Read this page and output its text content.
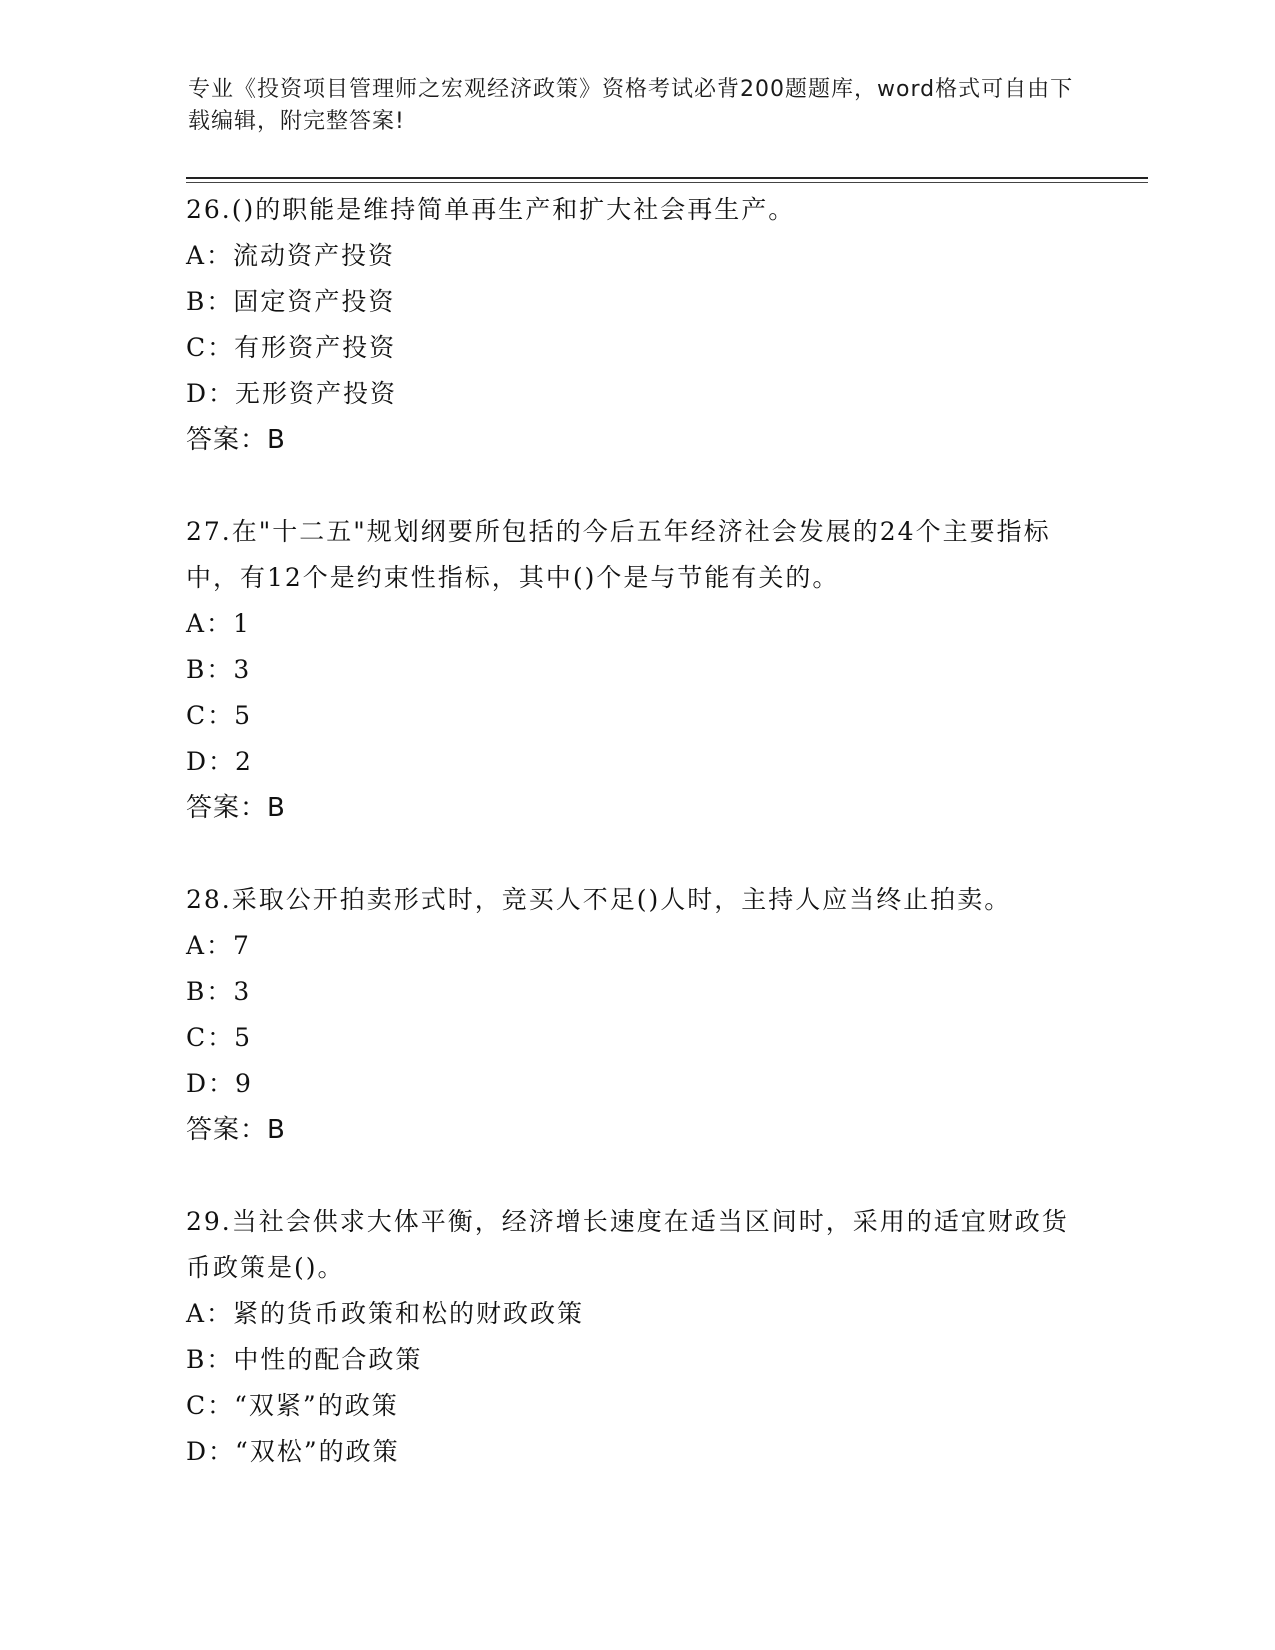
专业《投资项目管理师之宏观经济政策》资格考试必背200题题库，word格式可自由下载编辑，附完整答案!
26.()的职能是维持简单再生产和扩大社会再生产。
A：流动资产投资
B：固定资产投资
C：有形资产投资
D：无形资产投资
答案：B
27.在"十二五"规划纲要所包括的今后五年经济社会发展的24个主要指标中，有12个是约束性指标，其中()个是与节能有关的。
A：1
B：3
C：5
D：2
答案：B
28.采取公开拍卖形式时，竞买人不足()人时，主持人应当终止拍卖。
A：7
B：3
C：5
D：9
答案：B
29.当社会供求大体平衡，经济增长速度在适当区间时，采用的适宜财政货币政策是()。
A：紧的货币政策和松的财政政策
B：中性的配合政策
C：“双紧”的政策
D：“双松”的政策
